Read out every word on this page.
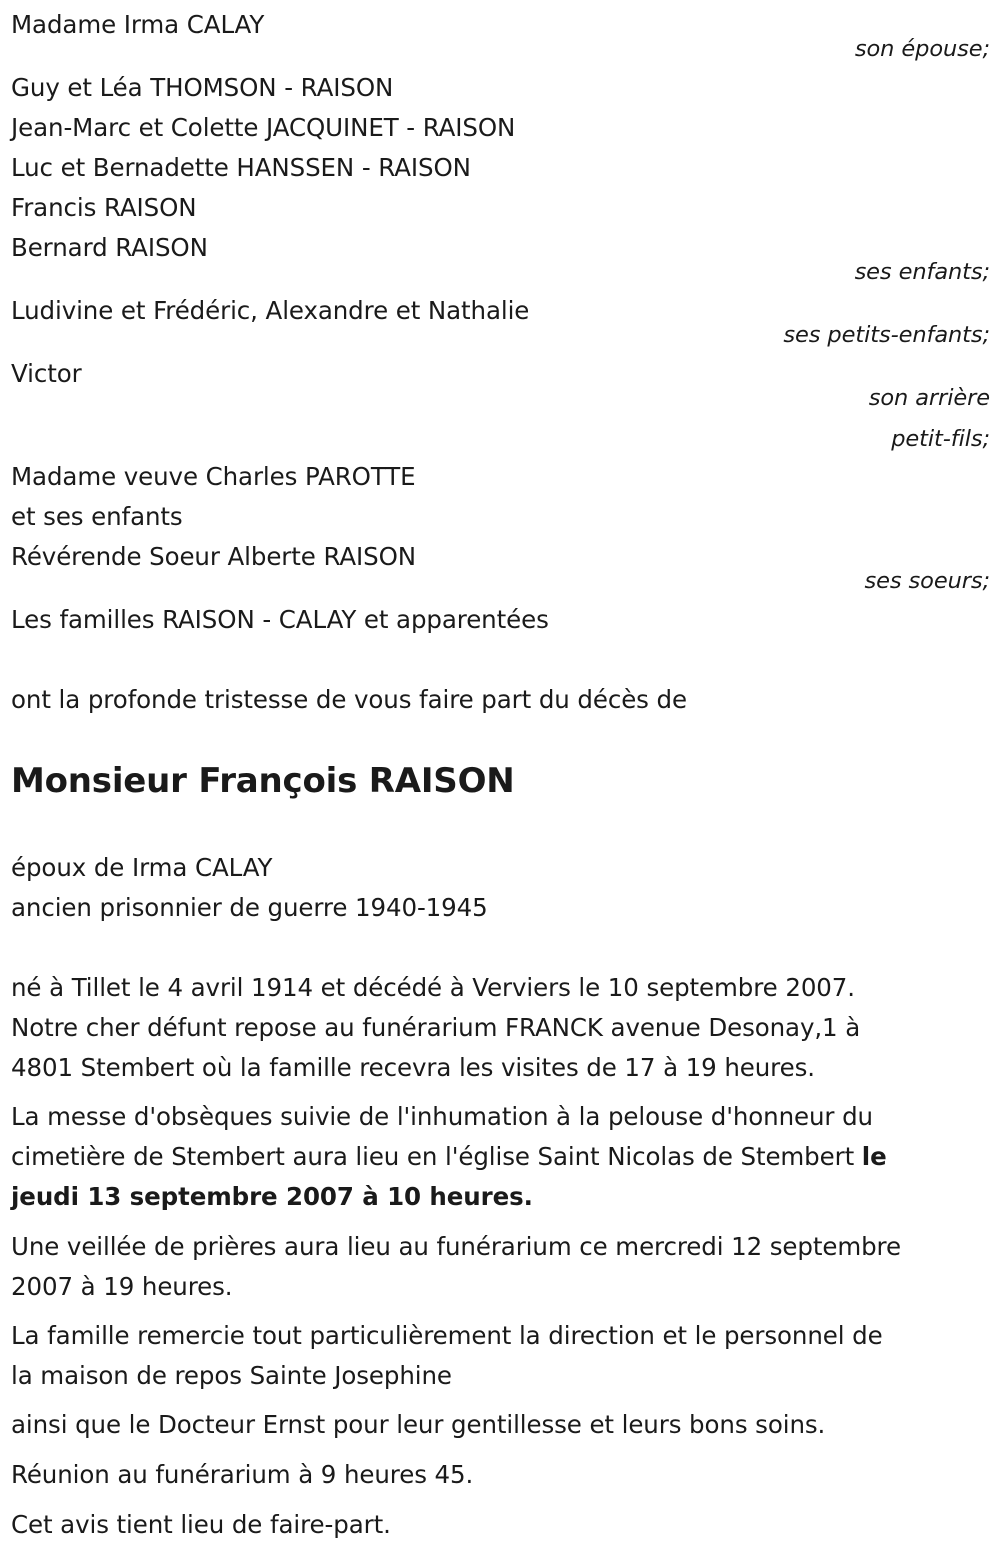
Madame Irma CALAY
son épouse;
Guy et Léa THOMSON - RAISON
Jean-Marc et Colette JACQUINET - RAISON
Luc et Bernadette HANSSEN - RAISON
Francis RAISON
Bernard RAISON
ses enfants;
Ludivine et Frédéric, Alexandre et Nathalie
ses petits-enfants;
Victor
son arrière
petit-fils;
Madame veuve Charles PAROTTE
et ses enfants
Révérende Soeur Alberte RAISON
ses soeurs;
Les familles RAISON - CALAY et apparentées
ont la profonde tristesse de vous faire part du décès de
Monsieur François RAISON
époux de Irma CALAY
ancien prisonnier de guerre 1940-1945
né à Tillet le 4 avril 1914 et décédé à Verviers le 10 septembre 2007.
Notre cher défunt repose au funérarium FRANCK avenue Desonay,1 à
4801 Stembert où la famille recevra les visites de 17 à 19 heures.
La messe d'obsèques suivie de l'inhumation à la pelouse d'honneur du
cimetière de Stembert aura lieu en l'église Saint Nicolas de Stembert le
jeudi 13 septembre 2007 à 10 heures.
Une veillée de prières aura lieu au funérarium ce mercredi 12 septembre
2007 à 19 heures.
La famille remercie tout particulièrement la direction et le personnel de
la maison de repos Sainte Josephine
ainsi que le Docteur Ernst pour leur gentillesse et leurs bons soins.
Réunion au funérarium à 9 heures 45.
Cet avis tient lieu de faire-part.
